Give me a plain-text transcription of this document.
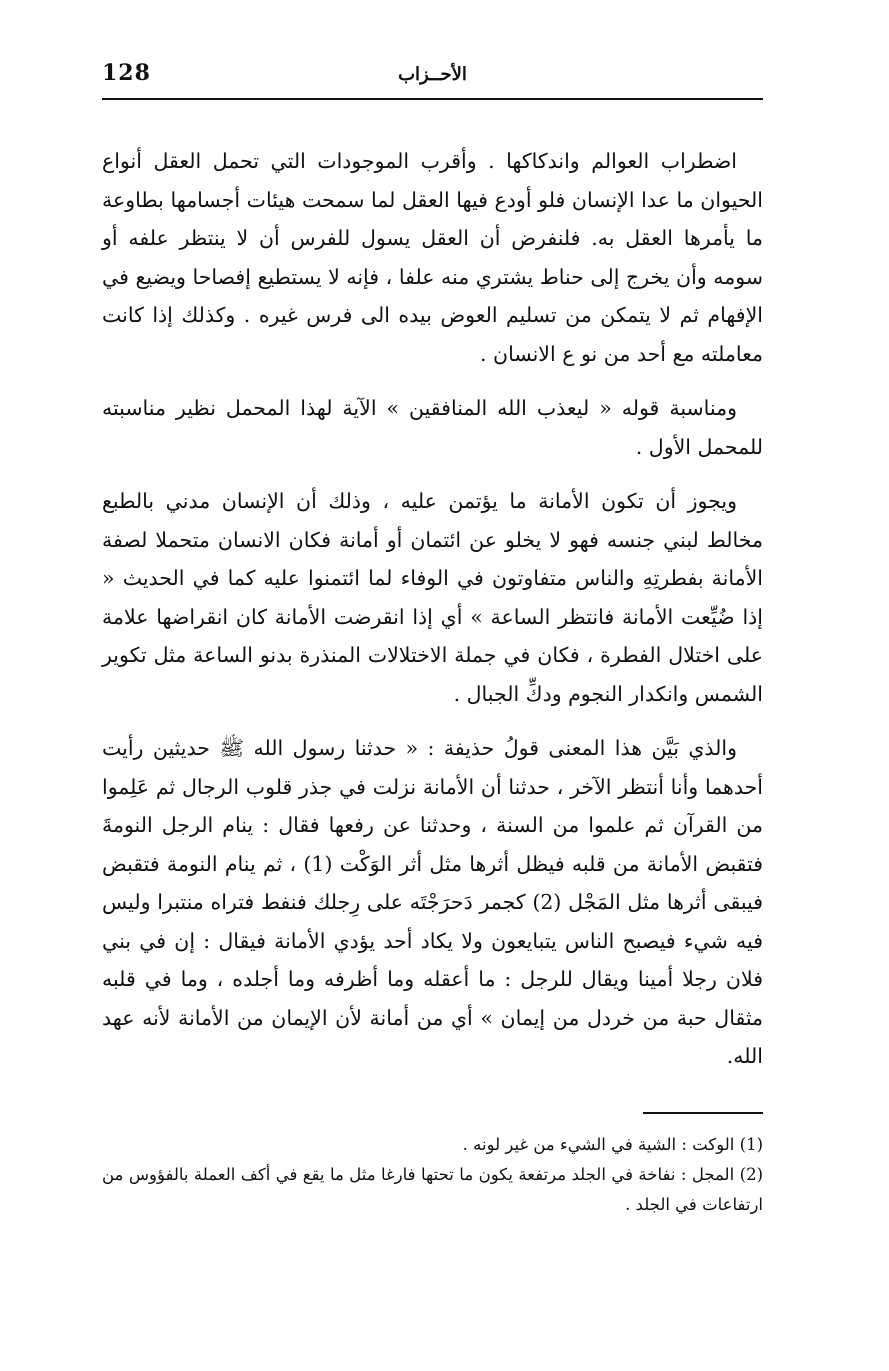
128	الأحــزاب

اضطراب العوالم واندكاكها . وأقرب الموجودات التي تحمل العقل أنواع الحيوان ما عدا الإنسان فلو أودع فيها العقل لما سمحت هيئات أجسامها بطاوعة ما يأمرها العقل به. فلنفرض أن العقل يسول للفرس أن لا ينتظر علفه أو سومه وأن يخرج إلى حناط يشتري منه علفا ، فإنه لا يستطيع إفصاحا ويضيع في الإفهام ثم لا يتمكن من تسليم العوض بيده الى فرس غيره . وكذلك إذا كانت معاملته مع أحد من نو ع الانسان .

ومناسبة قوله « ليعذب الله المنافقين » الآية لهذا المحمل نظير مناسبته للمحمل الأول .

ويجوز أن تكون الأمانة ما يؤتمن عليه ، وذلك أن الإنسان مدني بالطبع مخالط لبني جنسه فهو لا يخلو عن ائتمان أو أمانة فكان الانسان متحملا لصفة الأمانة بفطرتِهِ والناس متفاوتون في الوفاء لما ائتمنوا عليه كما في الحديث « إذا ضُيِّعت الأمانة فانتظر الساعة » أي إذا انقرضت الأمانة كان انقراضها علامة على اختلال الفطرة ، فكان في جملة الاختلالات المنذرة بدنو الساعة مثل تكوير الشمس وانكدار النجوم ودكِّ الجبال .

والذي بَيَّن هذا المعنى قولُ حذيفة : « حدثنا رسول الله ﷺ حديثين رأيت أحدهما وأنا أنتظر الآخر ، حدثنا أن الأمانة نزلت في جذر قلوب الرجال ثم عَلِموا من القرآن ثم علموا من السنة ، وحدثنا عن رفعها فقال : ينام الرجل النومةَ فتقبض الأمانة من قلبه فيظل أثرها مثل أثر الوَكْت (1) ، ثم ينام النومة فتقبض فيبقى أثرها مثل المَجْل (2) كجمر دَحرَجْتَه على رِجلك فنفط فتراه منتبرا وليس فيه شيء فيصبح الناس يتبايعون ولا يكاد أحد يؤدي الأمانة فيقال : إن في بني فلان رجلا أمينا ويقال للرجل : ما أعقله وما أظرفه وما أجلده ، وما في قلبه مثقال حبة من خردل من إيمان » أي من أمانة لأن الإيمان من الأمانة لأنه عهد الله.

(1) الوكت : الشية في الشيء من غير لونه .

(2) المجل : نفاخة في الجلد مرتفعة يكون ما تحتها فارغا مثل ما يقع في أكف العملة بالفؤوس من ارتفاعات في الجلد .
